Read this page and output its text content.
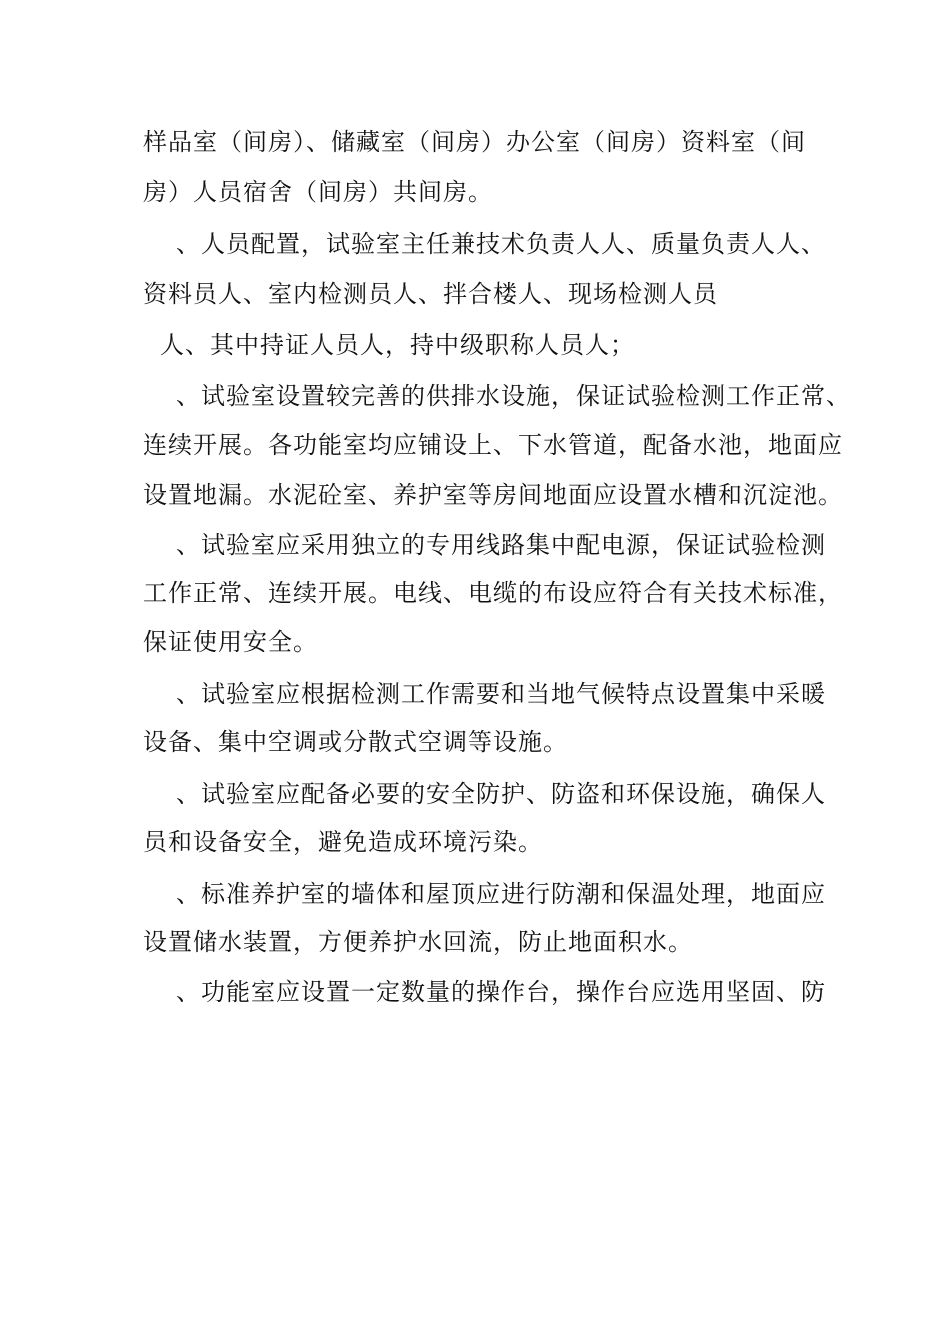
样品室（间房）、储藏室（间房）办公室（间房）资料室（间
房）人员宿舍（间房）共间房。
、人员配置，试验室主任兼技术负责人人、质量负责人人、
资料员人、室内检测员人、拌合楼人、现场检测人员
人、其中持证人员人，持中级职称人员人；
、试验室设置较完善的供排水设施，保证试验检测工作正常、
连续开展。各功能室均应铺设上、下水管道，配备水池，地面应
设置地漏。水泥砼室、养护室等房间地面应设置水槽和沉淀池。
、试验室应采用独立的专用线路集中配电源，保证试验检测
工作正常、连续开展。电线、电缆的布设应符合有关技术标准，
保证使用安全。
、试验室应根据检测工作需要和当地气候特点设置集中采暖
设备、集中空调或分散式空调等设施。
、试验室应配备必要的安全防护、防盗和环保设施，确保人
员和设备安全，避免造成环境污染。
、标准养护室的墙体和屋顶应进行防潮和保温处理，地面应
设置储水装置，方便养护水回流，防止地面积水。
、功能室应设置一定数量的操作台，操作台应选用坚固、防
